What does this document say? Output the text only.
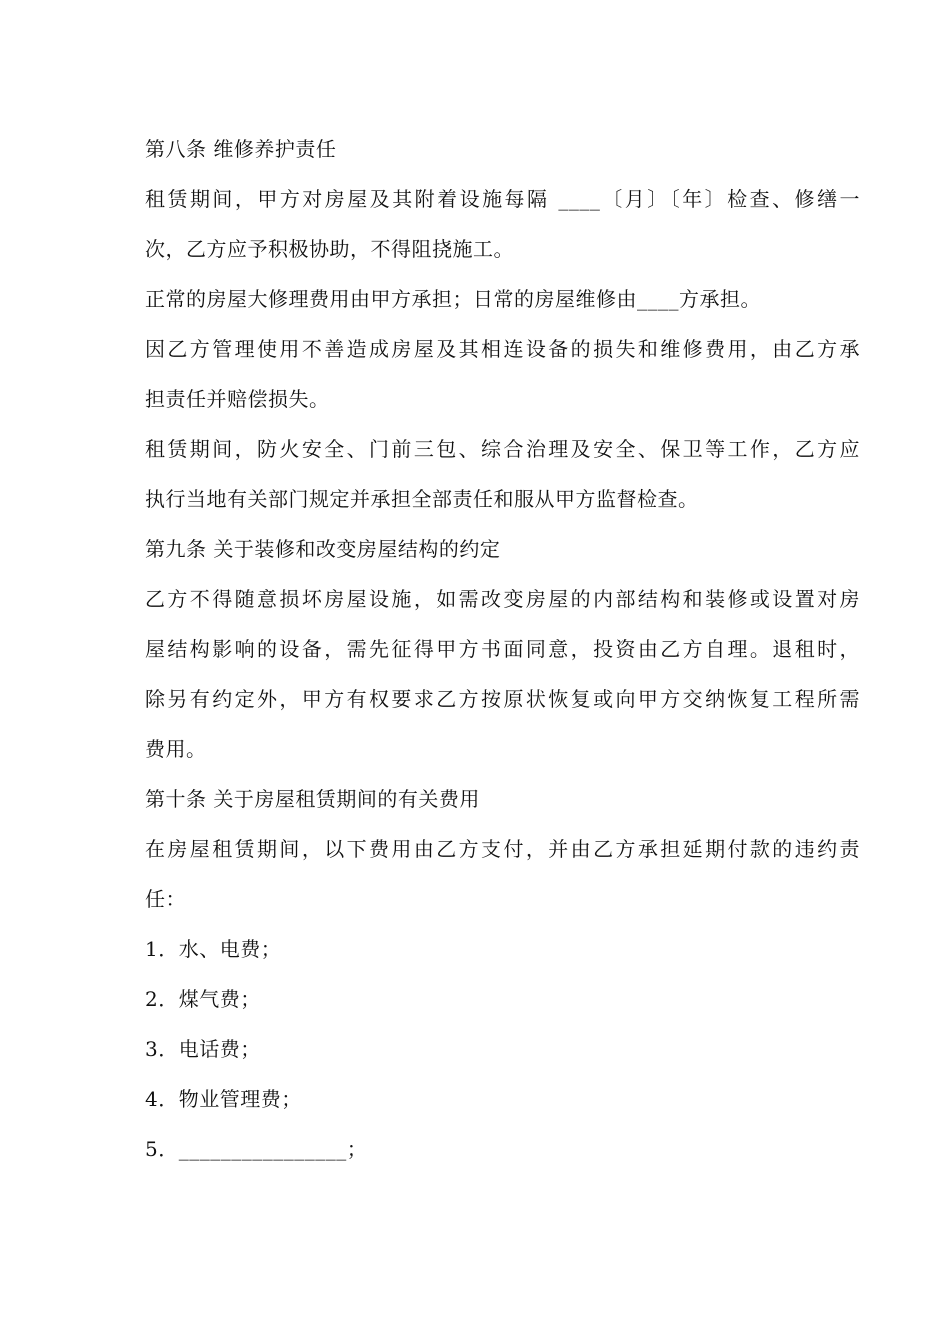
第八条 维修养护责任
租赁期间，甲方对房屋及其附着设施每隔 ____〔月〕〔年〕检查、修缮一
次，乙方应予积极协助，不得阻挠施工。
正常的房屋大修理费用由甲方承担；日常的房屋维修由____方承担。
因乙方管理使用不善造成房屋及其相连设备的损失和维修费用，由乙方承
担责任并赔偿损失。
租赁期间，防火安全、门前三包、综合治理及安全、保卫等工作，乙方应
执行当地有关部门规定并承担全部责任和服从甲方监督检查。
第九条 关于装修和改变房屋结构的约定
乙方不得随意损坏房屋设施，如需改变房屋的内部结构和装修或设置对房
屋结构影响的设备，需先征得甲方书面同意，投资由乙方自理。退租时，
除另有约定外，甲方有权要求乙方按原状恢复或向甲方交纳恢复工程所需
费用。
第十条 关于房屋租赁期间的有关费用
在房屋租赁期间，以下费用由乙方支付，并由乙方承担延期付款的违约责
任：
1．水、电费；
2．煤气费；
3．电话费；
4．物业管理费；
5．________________；
